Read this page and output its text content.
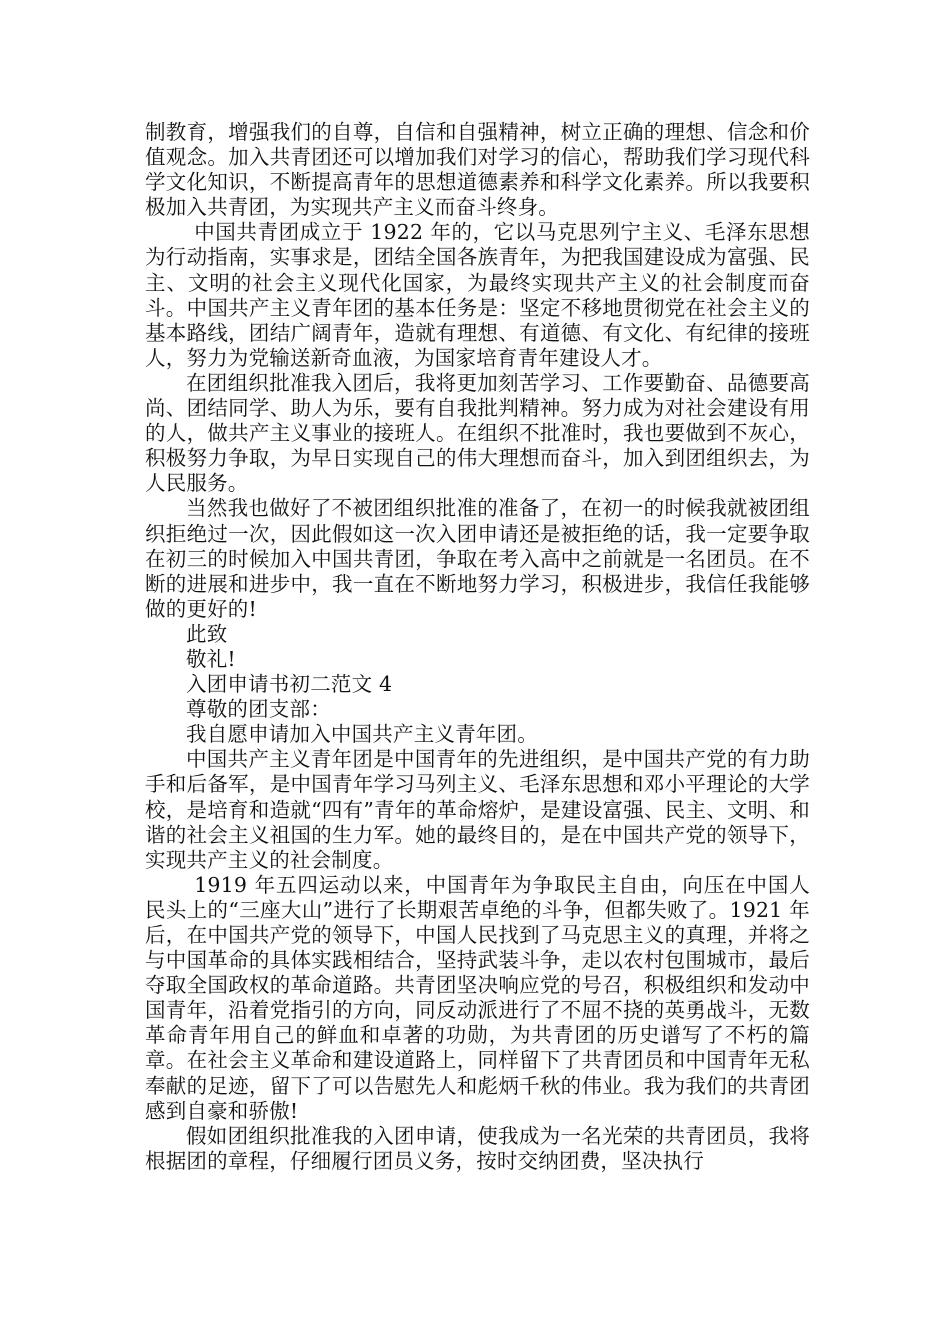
制教育，增强我们的自尊，自信和自强精神，树立正确的理想、信念和价值观念。加入共青团还可以增加我们对学习的信心，帮助我们学习现代科学文化知识，不断提高青年的思想道德素养和科学文化素养。所以我要积极加入共青团，为实现共产主义而奋斗终身。

中国共青团成立于 1922 年的，它以马克思列宁主义、毛泽东思想为行动指南，实事求是，团结全国各族青年，为把我国建设成为富强、民主、文明的社会主义现代化国家，为最终实现共产主义的社会制度而奋斗。中国共产主义青年团的基本任务是：坚定不移地贯彻党在社会主义的基本路线，团结广阔青年，造就有理想、有道德、有文化、有纪律的接班人，努力为党输送新奇血液，为国家培育青年建设人才。

在团组织批准我入团后，我将更加刻苦学习、工作要勤奋、品德要高尚、团结同学、助人为乐，要有自我批判精神。努力成为对社会建设有用的人，做共产主义事业的接班人。在组织不批准时，我也要做到不灰心，积极努力争取，为早日实现自己的伟大理想而奋斗，加入到团组织去，为人民服务。

当然我也做好了不被团组织批准的准备了，在初一的时候我就被团组织拒绝过一次，因此假如这一次入团申请还是被拒绝的话，我一定要争取在初三的时候加入中国共青团，争取在考入高中之前就是一名团员。在不断的进展和进步中，我一直在不断地努力学习，积极进步，我信任我能够做的更好的!

此致

敬礼!

入团申请书初二范文 4

尊敬的团支部：

我自愿申请加入中国共产主义青年团。

中国共产主义青年团是中国青年的先进组织，是中国共产党的有力助手和后备军，是中国青年学习马列主义、毛泽东思想和邓小平理论的大学校，是培育和造就“四有”青年的革命熔炉，是建设富强、民主、文明、和谐的社会主义祖国的生力军。她的最终目的，是在中国共产党的领导下，实现共产主义的社会制度。

1919 年五四运动以来，中国青年为争取民主自由，向压在中国人民头上的“三座大山”进行了长期艰苦卓绝的斗争，但都失败了。1921 年后，在中国共产党的领导下，中国人民找到了马克思主义的真理，并将之与中国革命的具体实践相结合，坚持武装斗争，走以农村包围城市，最后夺取全国政权的革命道路。共青团坚决响应党的号召，积极组织和发动中国青年，沿着党指引的方向，同反动派进行了不屈不挠的英勇战斗，无数革命青年用自己的鲜血和卓著的功勋，为共青团的历史谱写了不朽的篇章。在社会主义革命和建设道路上，同样留下了共青团员和中国青年无私奉献的足迹，留下了可以告慰先人和彪炳千秋的伟业。我为我们的共青团感到自豪和骄傲!

假如团组织批准我的入团申请，使我成为一名光荣的共青团员，我将根据团的章程，仔细履行团员义务，按时交纳团费，坚决执行
